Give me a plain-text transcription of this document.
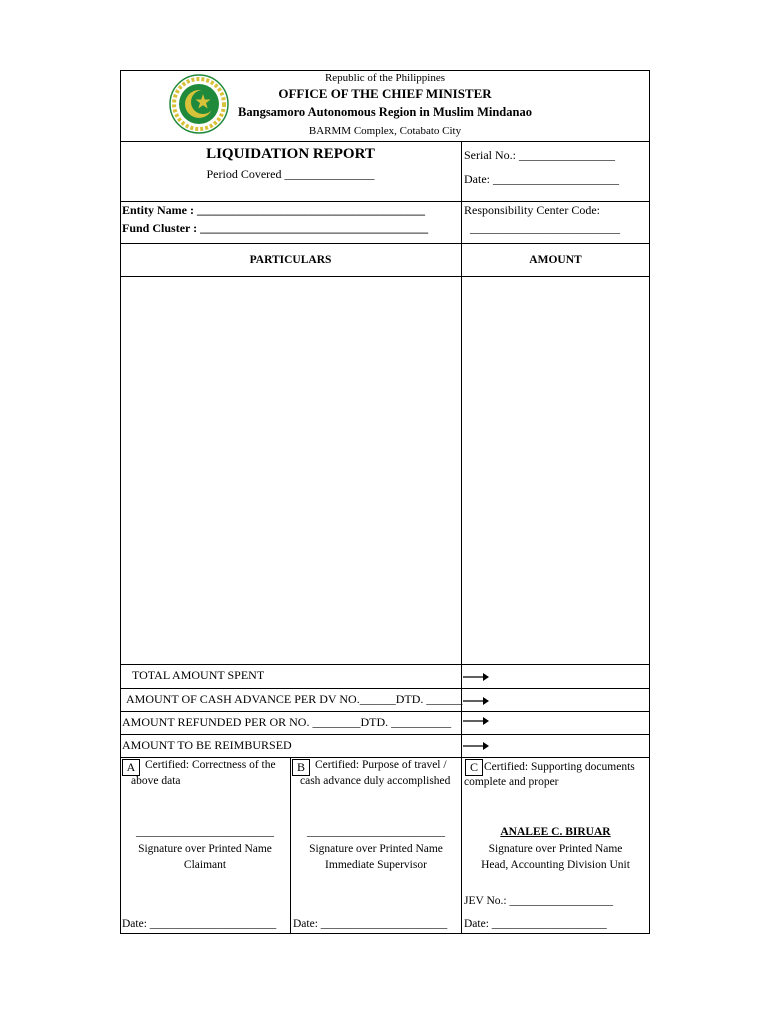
Republic of the Philippines
OFFICE OF THE CHIEF MINISTER
Bangsamoro Autonomous Region in Muslim Mindanao
BARMM Complex, Cotabato City
LIQUIDATION REPORT
Period Covered _______________
Serial No.: ________________
Date: _____________________
Entity Name : ______________________________________
Fund Cluster : ______________________________________
Responsibility Center Code:
_________________________
PARTICULARS	AMOUNT
TOTAL AMOUNT SPENT
AMOUNT OF CASH ADVANCE PER DV NO.______DTD. ______
AMOUNT REFUNDED PER OR NO. ________DTD. __________
AMOUNT TO BE REIMBURSED
A Certified: Correctness of the
above data
________________________
Signature over Printed Name
Claimant
Date: ______________________
B Certified: Purpose of travel /
cash advance duly accomplished
________________________
Signature over Printed Name
Immediate Supervisor
Date: ______________________
C Certified: Supporting documents
complete and proper
ANALEE C. BIRUAR
Signature over Printed Name
Head, Accounting Division Unit
JEV No.: __________________
Date: ____________________
